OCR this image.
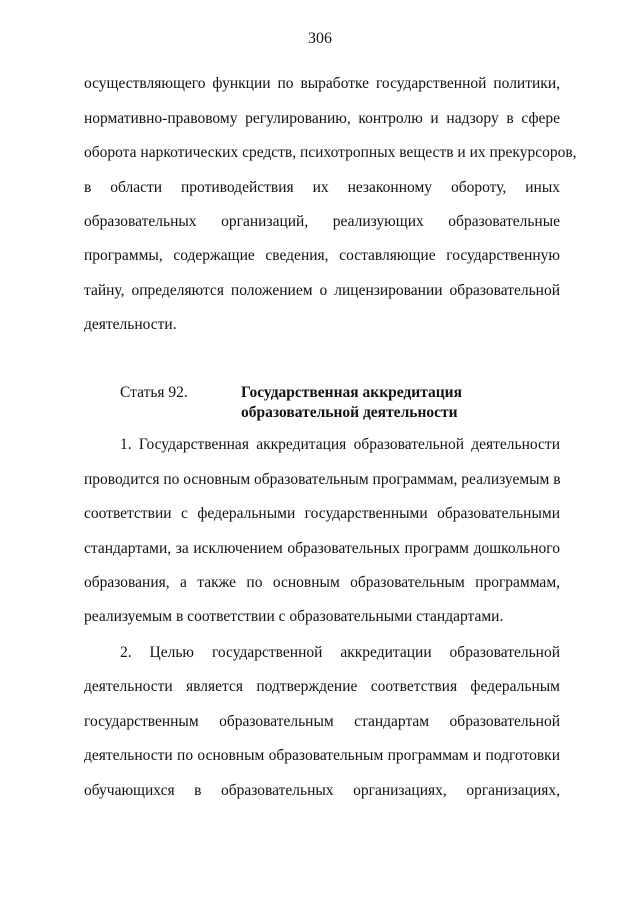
306
осуществляющего функции по выработке государственной политики,
нормативно-правовому регулированию, контролю и надзору в сфере
оборота наркотических средств, психотропных веществ и их прекурсоров,
в области противодействия их незаконному обороту, иных
образовательных организаций, реализующих образовательные
программы, содержащие сведения, составляющие государственную
тайну, определяются положением о лицензировании образовательной
деятельности.
Статья 92.	Государственная аккредитация
образовательной деятельности
1. Государственная аккредитация образовательной деятельности
проводится по основным образовательным программам, реализуемым в
соответствии с федеральными государственными образовательными
стандартами, за исключением образовательных программ дошкольного
образования, а также по основным образовательным программам,
реализуемым в соответствии с образовательными стандартами.
2. Целью государственной аккредитации образовательной
деятельности является подтверждение соответствия федеральным
государственным образовательным стандартам образовательной
деятельности по основным образовательным программам и подготовки
обучающихся в образовательных организациях, организациях,
